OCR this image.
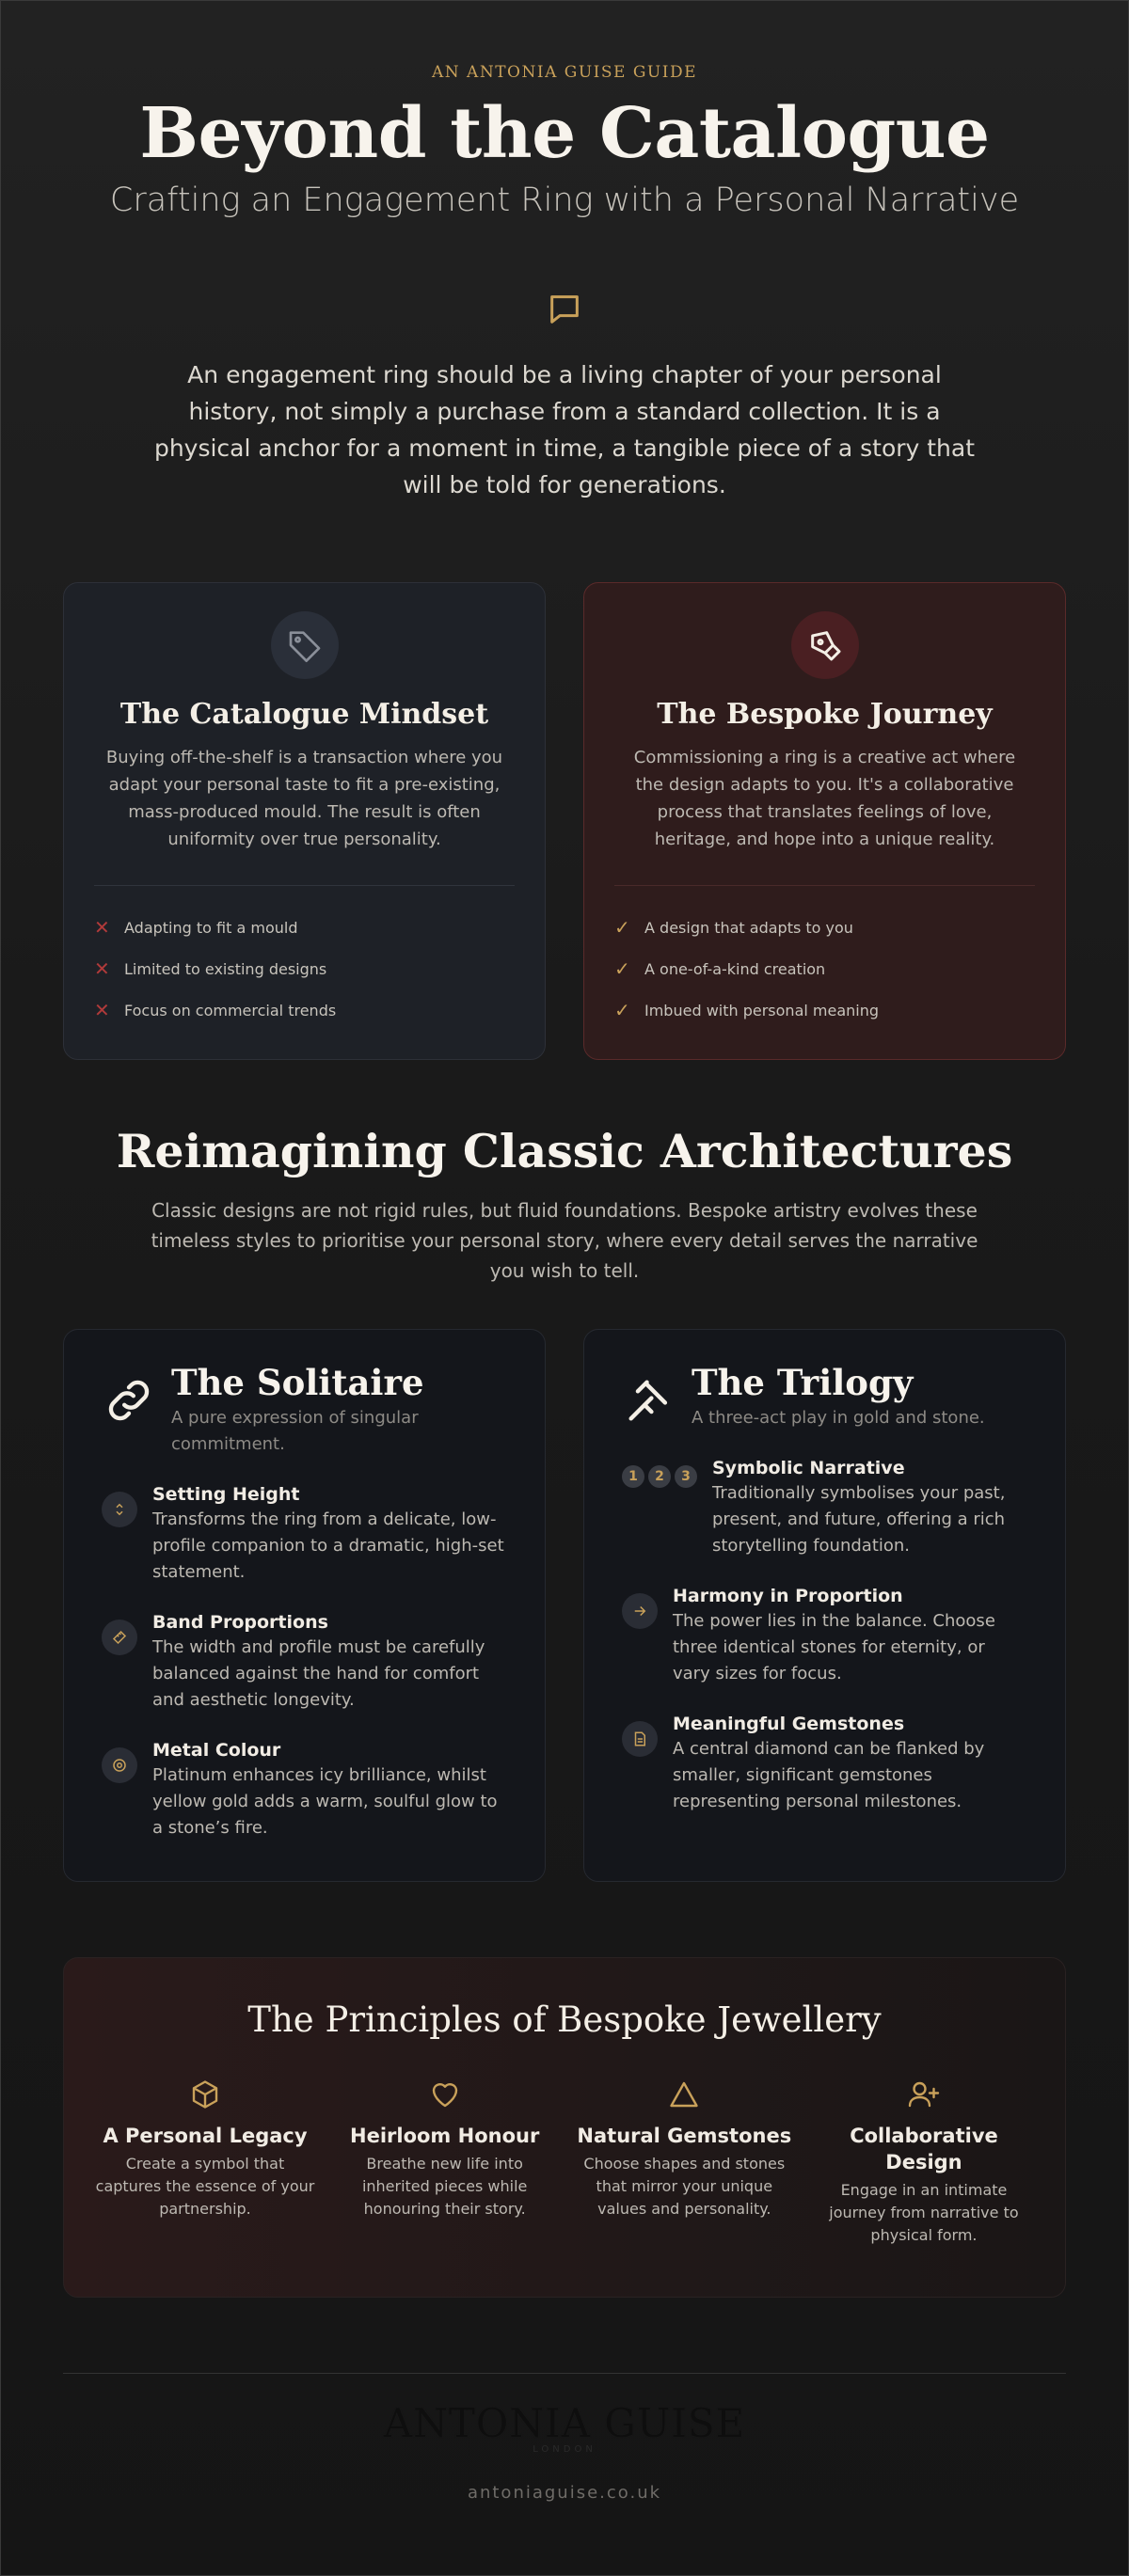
AN ANTONIA GUISE GUIDE
Beyond the Catalogue
Crafting an Engagement Ring with a Personal Narrative

An engagement ring should be a living chapter of your personal history, not simply a purchase from a standard collection. It is a physical anchor for a moment in time, a tangible piece of a story that will be told for generations.

The Catalogue Mindset

Buying off-the-shelf is a transaction where you adapt your personal taste to fit a pre-existing, mass-produced mould. The result is often uniformity over true personality.

✕ Adapting to fit a mould
✕ Limited to existing designs
✕ Focus on commercial trends
The Bespoke Journey

Commissioning a ring is a creative act where the design adapts to you. It's a collaborative process that translates feelings of love, heritage, and hope into a unique reality.

✓ A design that adapts to you
✓ A one-of-a-kind creation
✓ Imbued with personal meaning
Reimagining Classic Architectures

Classic designs are not rigid rules, but fluid foundations. Bespoke artistry evolves these timeless styles to prioritise your personal story, where every detail serves the narrative you wish to tell.

The Solitaire
A pure expression of singular commitment.
Setting Height
Transforms the ring from a delicate, low-profile companion to a dramatic, high-set statement.
Band Proportions
The width and profile must be carefully balanced against the hand for comfort and aesthetic longevity.
Metal Colour
Platinum enhances icy brilliance, whilst yellow gold adds a warm, soulful glow to a stone’s fire.
The Trilogy
A three-act play in gold and stone.
1	2	3	Symbolic Narrative
Traditionally symbolises your past, present, and future, offering a rich storytelling foundation.
Harmony in Proportion
The power lies in the balance. Choose three identical stones for eternity, or vary sizes for focus.
Meaningful Gemstones
A central diamond can be flanked by smaller, significant gemstones representing personal milestones.
The Principles of Bespoke Jewellery
A Personal Legacy
Create a symbol that captures the essence of your partnership.
Heirloom Honour
Breathe new life into inherited pieces while honouring their story.
Natural Gemstones
Choose shapes and stones that mirror your unique values and personality.
Collaborative Design
Engage in an intimate journey from narrative to physical form.
ANTONIA GUISE
LONDON
antoniaguise.co.uk
